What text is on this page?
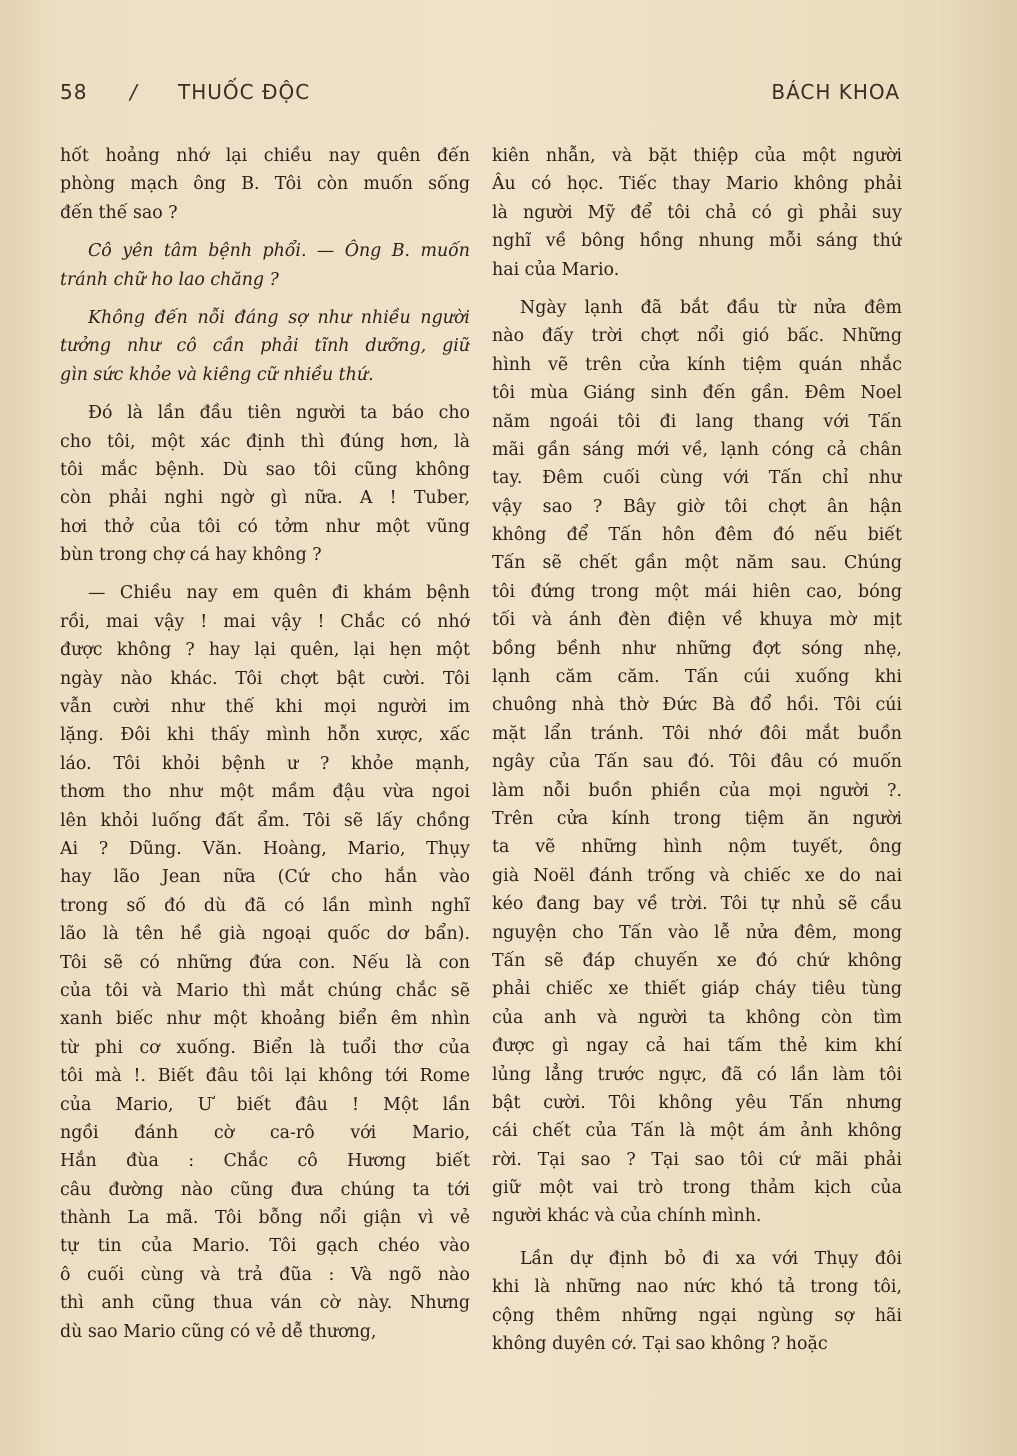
58 / THUỐC ĐỘC	BÁCH KHOA
hốt hoảng nhớ lại chiều nay quên đến
phòng mạch ông B. Tôi còn muốn sống
đến thế sao ?
Cô yên tâm bệnh phổi. — Ông B. muốn
tránh chữ ho lao chăng ?
Không đến nỗi đáng sợ như nhiều người
tưởng như cô cần phải tĩnh dưỡng, giữ
gìn sức khỏe và kiêng cữ nhiều thứ.
Đó là lần đầu tiên người ta báo cho
cho tôi, một xác định thì đúng hơn, là
tôi mắc bệnh. Dù sao tôi cũng không
còn phải nghi ngờ gì nữa. A ! Tuber,
hơi thở của tôi có tởm như một vũng
bùn trong chợ cá hay không ?
— Chiều nay em quên đi khám bệnh
rồi, mai vậy ! mai vậy ! Chắc có nhớ
được không ? hay lại quên, lại hẹn một
ngày nào khác. Tôi chợt bật cười. Tôi
vẫn cười như thế khi mọi người im
lặng. Đôi khi thấy mình hỗn xược, xấc
láo. Tôi khỏi bệnh ư ? khỏe mạnh,
thơm tho như một mầm đậu vừa ngoi
lên khỏi luống đất ẩm. Tôi sẽ lấy chồng
Ai ? Dũng. Văn. Hoàng, Mario, Thụy
hay lão Jean nữa (Cứ cho hắn vào
trong số đó dù đã có lần mình nghĩ
lão là tên hề già ngoại quốc dơ bẩn).
Tôi sẽ có những đứa con. Nếu là con
của tôi và Mario thì mắt chúng chắc sẽ
xanh biếc như một khoảng biển êm nhìn
từ phi cơ xuống. Biển là tuổi thơ của
tôi mà !. Biết đâu tôi lại không tới Rome
của Mario, Ư biết đâu ! Một lần
ngồi đánh cờ ca-rô với Mario,
Hắn đùa : Chắc cô Hương biết
câu đường nào cũng đưa chúng ta tới
thành La mã. Tôi bỗng nổi giận vì vẻ
tự tin của Mario. Tôi gạch chéo vào
ô cuối cùng và trả đũa : Và ngõ nào
thì anh cũng thua ván cờ này. Nhưng
dù sao Mario cũng có vẻ dễ thương,
kiên nhẫn, và bặt thiệp của một người
Âu có học. Tiếc thay Mario không phải
là người Mỹ để tôi chả có gì phải suy
nghĩ về bông hồng nhung mỗi sáng thứ
hai của Mario.
Ngày lạnh đã bắt đầu từ nửa đêm
nào đấy trời chợt nổi gió bấc. Những
hình vẽ trên cửa kính tiệm quán nhắc
tôi mùa Giáng sinh đến gần. Đêm Noel
năm ngoái tôi đi lang thang với Tấn
mãi gần sáng mới về, lạnh cóng cả chân
tay. Đêm cuối cùng với Tấn chỉ như
vậy sao ? Bây giờ tôi chợt ân hận
không để Tấn hôn đêm đó nếu biết
Tấn sẽ chết gần một năm sau. Chúng
tôi đứng trong một mái hiên cao, bóng
tối và ánh đèn điện về khuya mờ mịt
bồng bềnh như những đợt sóng nhẹ,
lạnh căm căm. Tấn cúi xuống khi
chuông nhà thờ Đức Bà đổ hồi. Tôi cúi
mặt lẩn tránh. Tôi nhớ đôi mắt buồn
ngây của Tấn sau đó. Tôi đâu có muốn
làm nỗi buồn phiền của mọi người ?.
Trên cửa kính trong tiệm ăn người
ta vẽ những hình nộm tuyết, ông
già Noël đánh trống và chiếc xe do nai
kéo đang bay về trời. Tôi tự nhủ sẽ cầu
nguyện cho Tấn vào lễ nửa đêm, mong
Tấn sẽ đáp chuyến xe đó chứ không
phải chiếc xe thiết giáp cháy tiêu tùng
của anh và người ta không còn tìm
được gì ngay cả hai tấm thẻ kim khí
lủng lẳng trước ngực, đã có lần làm tôi
bật cười. Tôi không yêu Tấn nhưng
cái chết của Tấn là một ám ảnh không
rời. Tại sao ? Tại sao tôi cứ mãi phải
giữ một vai trò trong thảm kịch của
người khác và của chính mình.
Lần dự định bỏ đi xa với Thụy đôi
khi là những nao nức khó tả trong tôi,
cộng thêm những ngại ngùng sợ hãi
không duyên cớ. Tại sao không ? hoặc
